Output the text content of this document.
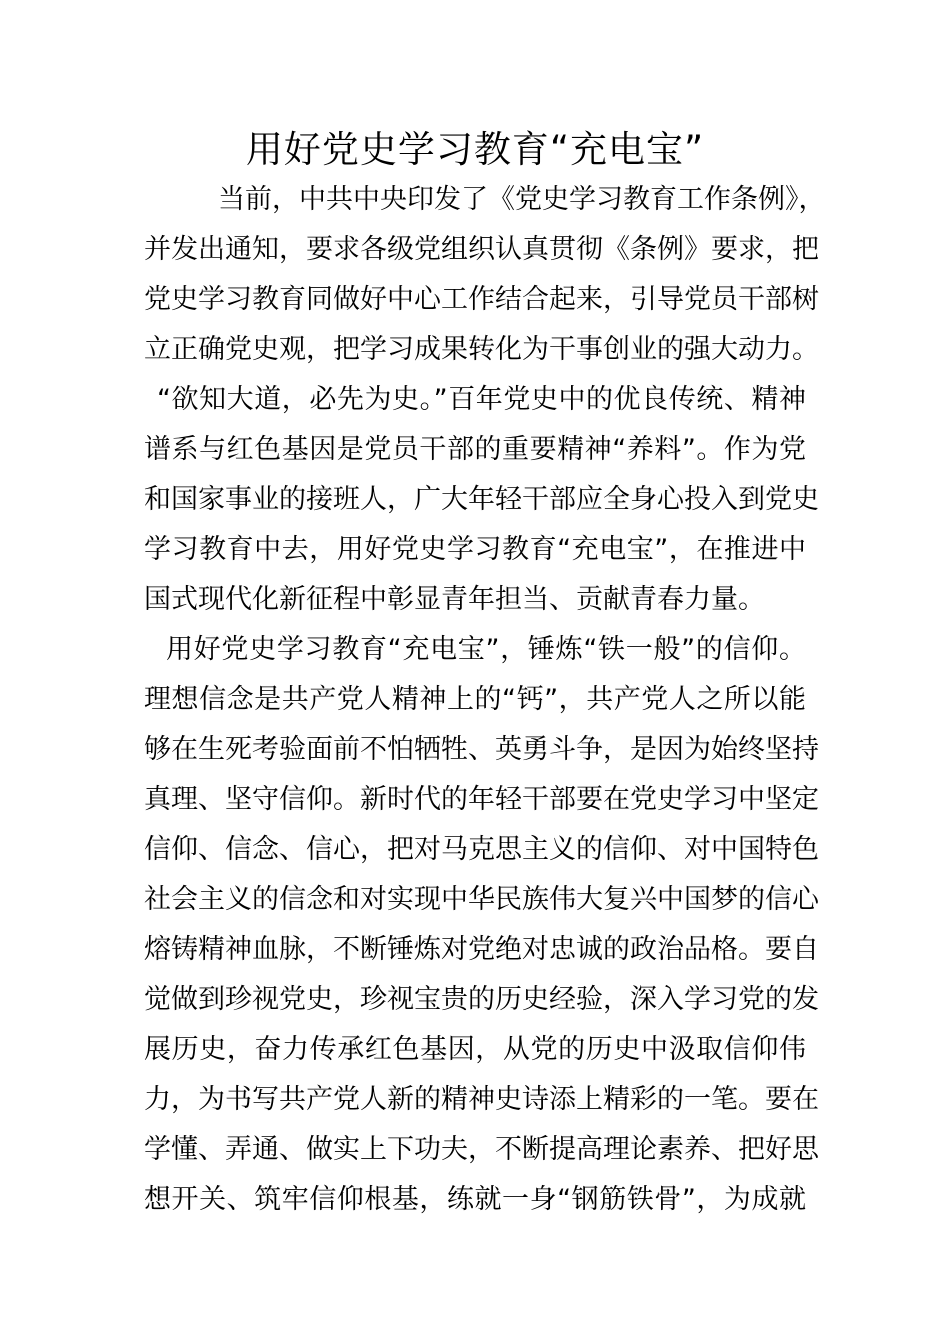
用好党史学习教育“充电宝”
当前，中共中央印发了《党史学习教育工作条例》，
并发出通知，要求各级党组织认真贯彻《条例》要求，把
党史学习教育同做好中心工作结合起来，引导党员干部树
立正确党史观，把学习成果转化为干事创业的强大动力。
“欲知大道，必先为史。”百年党史中的优良传统、精神
谱系与红色基因是党员干部的重要精神“养料”。作为党
和国家事业的接班人，广大年轻干部应全身心投入到党史
学习教育中去，用好党史学习教育“充电宝”，在推进中
国式现代化新征程中彰显青年担当、贡献青春力量。
用好党史学习教育“充电宝”，锤炼“铁一般”的信仰。
理想信念是共产党人精神上的“钙”，共产党人之所以能
够在生死考验面前不怕牺牲、英勇斗争，是因为始终坚持
真理、坚守信仰。新时代的年轻干部要在党史学习中坚定
信仰、信念、信心，把对马克思主义的信仰、对中国特色
社会主义的信念和对实现中华民族伟大复兴中国梦的信心
熔铸精神血脉，不断锤炼对党绝对忠诚的政治品格。要自
觉做到珍视党史，珍视宝贵的历史经验，深入学习党的发
展历史，奋力传承红色基因，从党的历史中汲取信仰伟
力，为书写共产党人新的精神史诗添上精彩的一笔。要在
学懂、弄通、做实上下功夫，不断提高理论素养、把好思
想开关、筑牢信仰根基，练就一身“钢筋铁骨”，为成就
